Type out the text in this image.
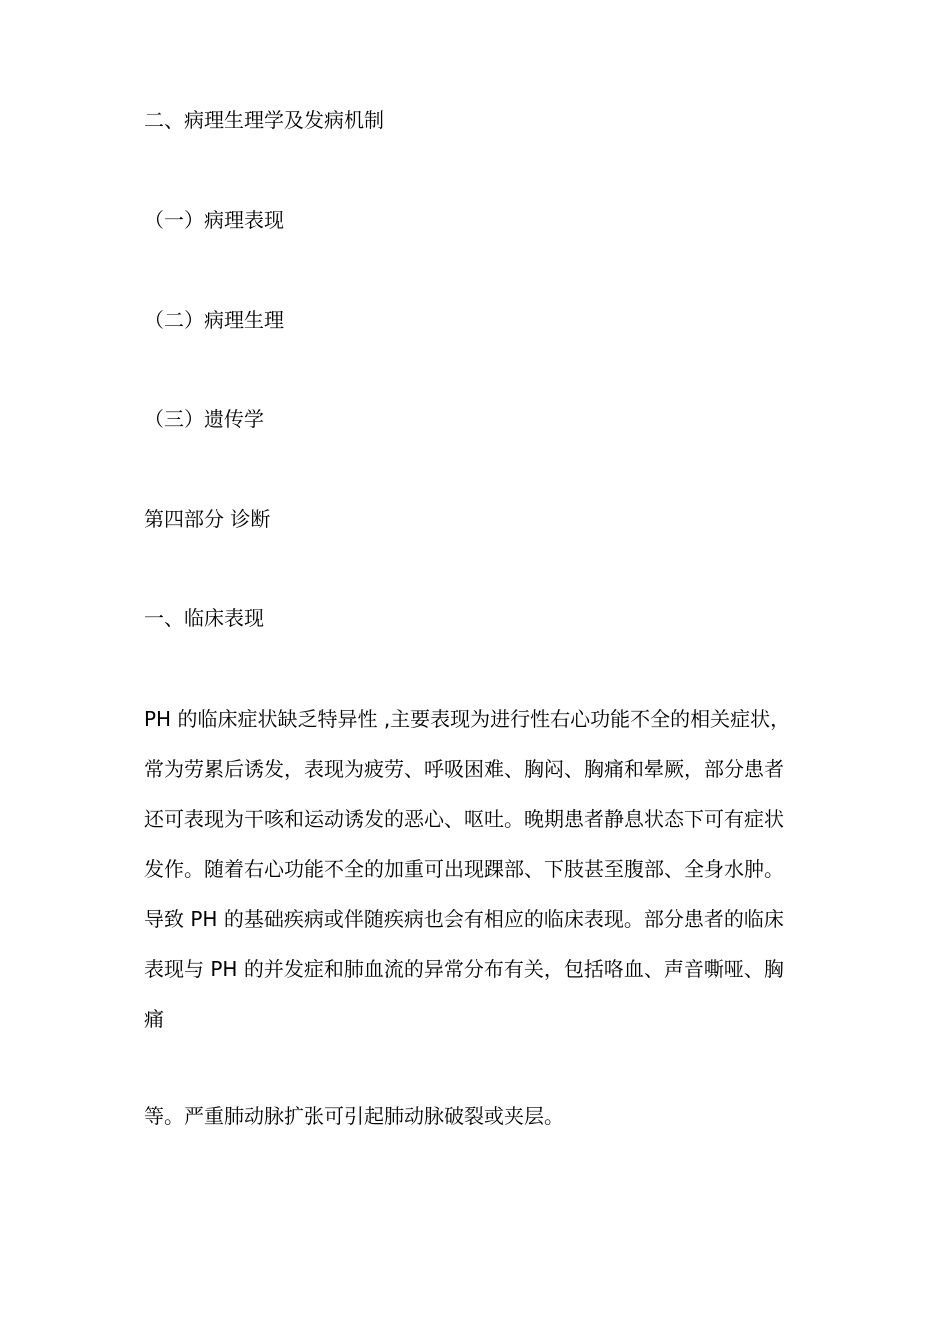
二、病理生理学及发病机制

（一）病理表现

（二）病理生理

（三）遗传学

第四部分 诊断

一、临床表现

PH 的临床症状缺乏特异性 ,主要表现为进行性右心功能不全的相关症状，
常为劳累后诱发，表现为疲劳、呼吸困难、胸闷、胸痛和晕厥，部分患者
还可表现为干咳和运动诱发的恶心、呕吐。晚期患者静息状态下可有症状
发作。随着右心功能不全的加重可出现踝部、下肢甚至腹部、全身水肿。
导致 PH 的基础疾病或伴随疾病也会有相应的临床表现。部分患者的临床
表现与 PH 的并发症和肺血流的异常分布有关，包括咯血、声音嘶哑、胸
痛

等。严重肺动脉扩张可引起肺动脉破裂或夹层。
